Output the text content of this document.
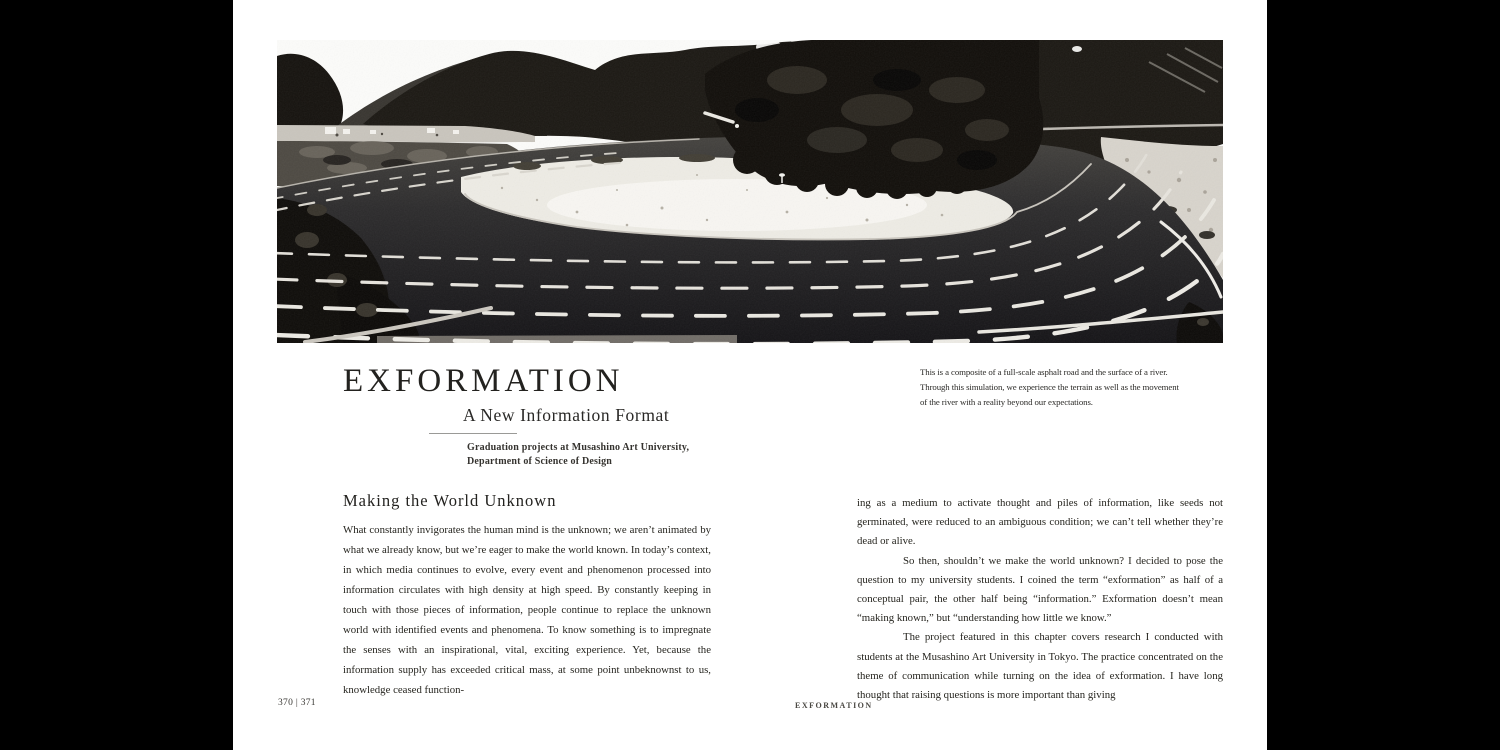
EXFORMATION
A New Information Format
Graduation projects at Musashino Art University,
Department of Science of Design
This is a composite of a full-scale asphalt road and the surface of a river.
Through this simulation, we experience the terrain as well as the movement
of the river with a reality beyond our expectations.
Making the World Unknown

What constantly invigorates the human mind is the unknown; we aren’t animated by what we already know, but we’re eager to make the world known. In today’s context, in which media continues to evolve, every event and phenomenon processed into information circulates with high density at high speed. By constantly keeping in touch with those pieces of information, people continue to replace the unknown world with identified events and phenomena. To know something is to impregnate the senses with an inspirational, vital, exciting experience. Yet, because the information supply has exceeded critical mass, at some point unbeknownst to us, knowledge ceased function-

ing as a medium to activate thought and piles of information, like seeds not germinated, were reduced to an ambiguous condition; we can’t tell whether they’re dead or alive.

So then, shouldn’t we make the world unknown? I decided to pose the question to my university students. I coined the term “exformation” as half of a conceptual pair, the other half being “information.” Exformation doesn’t mean “making known,” but “understanding how little we know.”

The project featured in this chapter covers research I conducted with students at the Musashino Art University in Tokyo. The practice concentrated on the theme of communication while turning on the idea of exformation. I have long thought that raising questions is more important than giving

370 | 371	EXFORMATION
